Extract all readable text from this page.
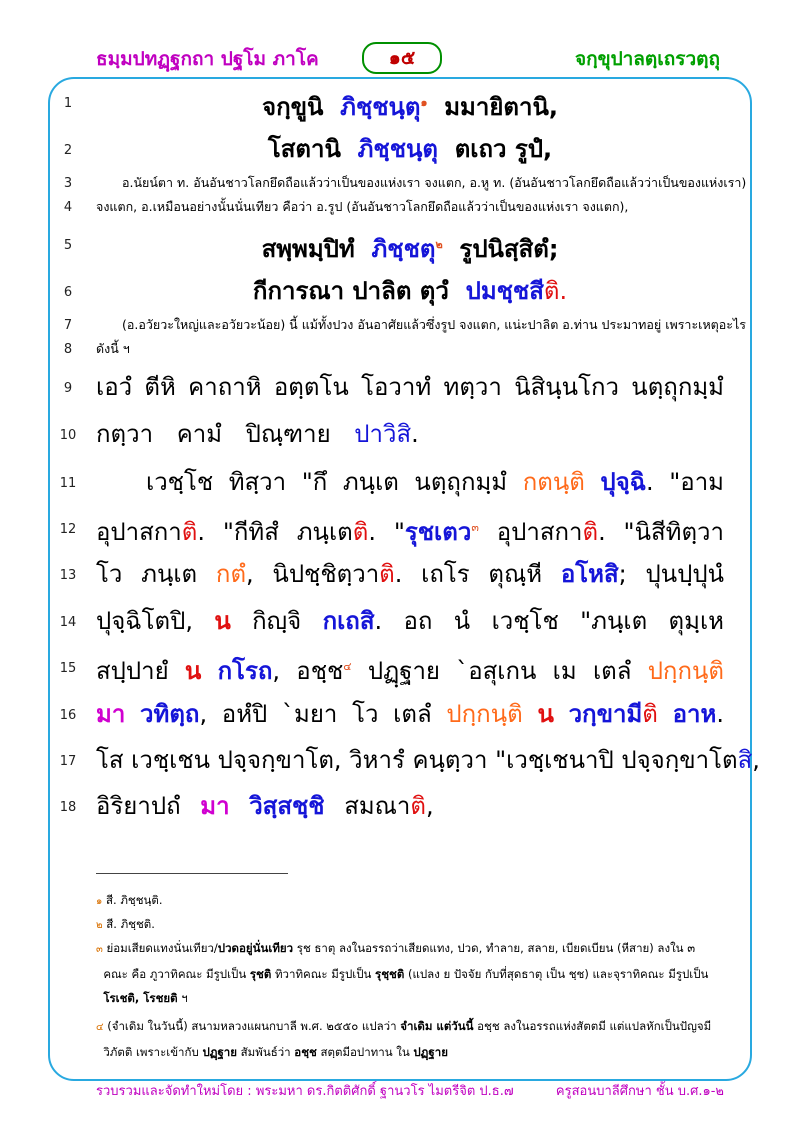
ธมฺมปทฏฺฐกถา ปฐโม ภาโค	๑๕	จกฺขุปาลตฺเถรวตฺถุ
1
2
3
4
5
6
7
8
9
10
11
12
13
14
15
16
17
18
จกฺขูนิ ภิชฺชนฺตุ$^๑$ มมายิตานิ,
โสตานิ ภิชฺชนฺตุ ตเถว รูปํ,
อ.นัยน์ตา ท. อันอันชาวโลกยึดถือแล้วว่าเป็นของแห่งเรา จงแตก, อ.หู ท. (อันอันชาวโลกยึดถือแล้วว่าเป็นของแห่งเรา)
จงแตก, อ.เหมือนอย่างนั้นนั่นเทียว คือว่า อ.รูป (อันอันชาวโลกยึดถือแล้วว่าเป็นของแห่งเรา จงแตก),
สพฺพมฺปิทํ ภิชฺชตุ$^๒$ รูปนิสฺสิตํ;
กีการณา ปาลิต ตุวํ ปมชฺชสีติ.
(อ.อวัยวะใหญ่และอวัยวะน้อย) นี้ แม้ทั้งปวง อันอาศัยแล้วซึ่งรูป จงแตก, แน่ะปาลิต อ.ท่าน ประมาทอยู่ เพราะเหตุอะไร
ดังนี้ ฯ
เอวํ ตีหิ คาถาหิ อตฺตโน โอวาทํ ทตฺวา นิสินฺนโกว นตฺถุกมฺมํ
กตฺวา คามํ ปิณฺฑาย ปาวิสิ.
เวชฺโช ทิสฺวา "กึ ภนฺเต นตฺถุกมฺมํ กตนฺติ ปุจฺฉิ. "อาม
อุปาสกาติ. "กีทิสํ ภนฺเตติ. "รุชเตว$^๓$ อุปาสกาติ. "นิสีทิตฺวา
โว ภนฺเต กตํ, นิปชฺชิตฺวาติ. เถโร ตุณฺหี อโหสิ; ปุนปฺปุนํ
ปุจฺฉิโตปิ, น กิญฺจิ กเถสิ. อถ นํ เวชฺโช "ภนฺเต ตุมฺเห
สปฺปายํ น กโรถ, อชฺช$^๔$ ปฏฺฐาย `อสุเกน เม เตลํ ปกฺกนฺติ
มา วทิตฺถ, อหํปิ `มยา โว เตลํ ปกฺกนฺติ น วกฺขามีติ อาห.
โส เวชฺเชน ปจฺจกฺขาโต, วิหารํ คนฺตฺวา "เวชฺเชนาปิ ปจฺจกฺขาโตสิ,
อิริยาปถํ มา วิสฺสชฺชิ สมณาติ,
๑ สี. ภิชฺชนฺติ.
๒ สี. ภิชฺชติ.
๓ ย่อมเสียดแทงนั่นเทียว/ปวดอยู่นั่นเทียว รุช ธาตุ ลงในอรรถว่าเสียดแทง, ปวด, ทำลาย, สลาย, เบียดเบียน (หีสาย) ลงใน ๓
คณะ คือ ภูวาทิคณะ มีรูปเป็น รุชติ ทิวาทิคณะ มีรูปเป็น รุชฺชติ (แปลง ย ปัจจัย กับที่สุดธาตุ เป็น ชฺช) และจุราทิคณะ มีรูปเป็น
โรเชติ, โรชยติ ฯ
๔ (จำเดิม ในวันนี้) สนามหลวงแผนกบาลี พ.ศ. ๒๕๕๐ แปลว่า จำเดิม แต่วันนี้ อชฺช ลงในอรรถแห่งสัตตมี แต่แปลหักเป็นปัญจมี
วิภัตติ เพราะเข้ากับ ปฏฺฐาย สัมพันธ์ว่า อชฺช สตฺตมีอปาทาน ใน ปฏฺฐาย
รวบรวมและจัดทำใหม่โดย : พระมหา ดร.กิตติศักดิ์ ฐานวโร ไมตรีจิต ป.ธ.๗	ครูสอนบาลีศึกษา ชั้น บ.ศ.๑-๒
